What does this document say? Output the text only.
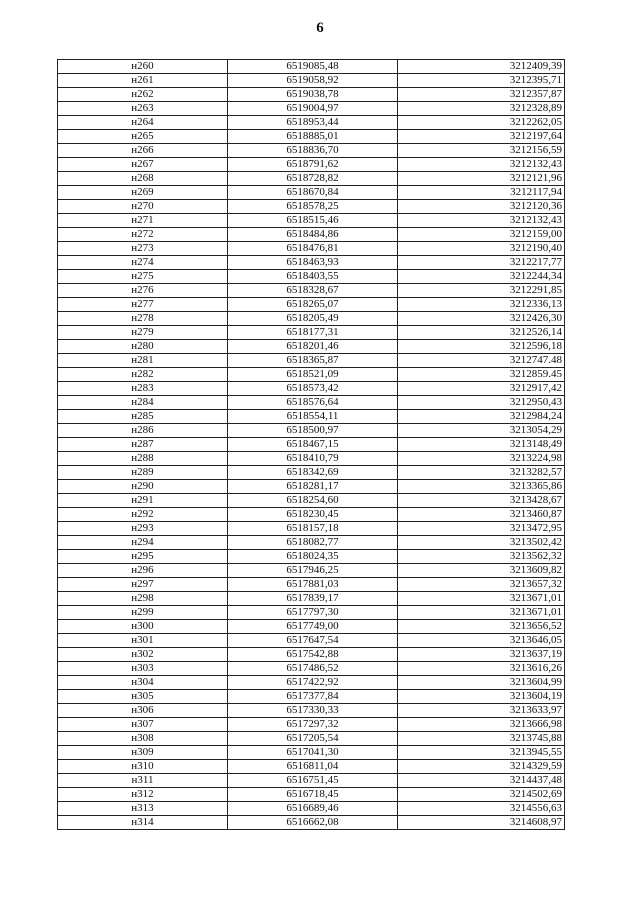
6
н260	6519085,48	3212409,39
н261	6519058,92	3212395,71
н262	6519038,78	3212357,87
н263	6519004,97	3212328,89
н264	6518953,44	3212262,05
н265	6518885,01	3212197,64
н266	6518836,70	3212156,59
н267	6518791,62	3212132,43
н268	6518728,82	3212121,96
н269	6518670,84	3212117,94
н270	6518578,25	3212120,36
н271	6518515,46	3212132,43
н272	6518484,86	3212159,00
н273	6518476,81	3212190,40
н274	6518463,93	3212217,77
н275	6518403,55	3212244,34
н276	6518328,67	3212291,85
н277	6518265,07	3212336,13
н278	6518205,49	3212426,30
н279	6518177,31	3212526,14
н280	6518201,46	3212596,18
н281	6518365,87	3212747.48
н282	6518521,09	3212859.45
н283	6518573,42	3212917,42
н284	6518576,64	3212950,43
н285	6518554,11	3212984,24
н286	6518500,97	3213054,29
н287	6518467,15	3213148,49
н288	6518410,79	3213224,98
н289	6518342,69	3213282,57
н290	6518281,17	3213365,86
н291	6518254,60	3213428,67
н292	6518230,45	3213460,87
н293	6518157,18	3213472,95
н294	6518082,77	3213502,42
н295	6518024,35	3213562,32
н296	6517946,25	3213609,82
н297	6517881,03	3213657,32
н298	6517839,17	3213671,01
н299	6517797,30	3213671,01
н300	6517749,00	3213656,52
н301	6517647,54	3213646,05
н302	6517542,88	3213637,19
н303	6517486,52	3213616,26
н304	6517422,92	3213604,99
н305	6517377,84	3213604,19
н306	6517330,33	3213633,97
н307	6517297,32	3213666,98
н308	6517205,54	3213745,88
н309	6517041,30	3213945,55
н310	6516811,04	3214329,59
н311	6516751,45	3214437,48
н312	6516718,45	3214502,69
н313	6516689,46	3214556,63
н314	6516662,08	3214608,97
